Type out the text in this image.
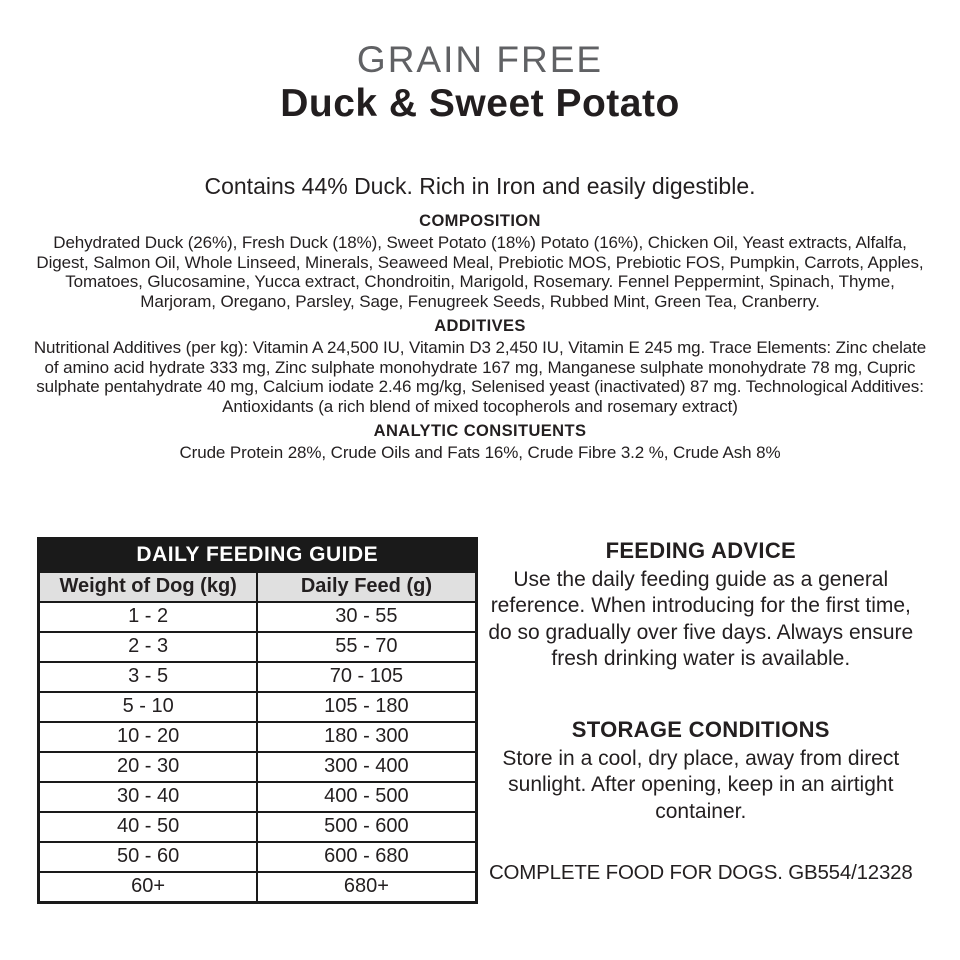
GRAIN FREE
Duck & Sweet Potato

Contains 44% Duck. Rich in Iron and easily digestible.

COMPOSITION

Dehydrated Duck (26%), Fresh Duck (18%), Sweet Potato (18%) Potato (16%), Chicken Oil, Yeast extracts, Alfalfa, Digest, Salmon Oil, Whole Linseed, Minerals, Seaweed Meal, Prebiotic MOS, Prebiotic FOS, Pumpkin, Carrots, Apples, Tomatoes, Glucosamine, Yucca extract, Chondroitin, Marigold, Rosemary. Fennel Peppermint, Spinach, Thyme, Marjoram, Oregano, Parsley, Sage, Fenugreek Seeds, Rubbed Mint, Green Tea, Cranberry.

ADDITIVES

Nutritional Additives (per kg): Vitamin A 24,500 IU, Vitamin D3 2,450 IU, Vitamin E 245 mg. Trace Elements: Zinc chelate of amino acid hydrate 333 mg, Zinc sulphate monohydrate 167 mg, Manganese sulphate monohydrate 78 mg, Cupric sulphate pentahydrate 40 mg, Calcium iodate 2.46 mg/kg, Selenised yeast (inactivated) 87 mg. Technological Additives: Antioxidants (a rich blend of mixed tocopherols and rosemary extract)

ANALYTIC CONSITUENTS

Crude Protein 28%, Crude Oils and Fats 16%, Crude Fibre 3.2 %, Crude Ash 8%

DAILY FEEDING GUIDE	
Weight of Dog (kg)	Daily Feed (g)
1 - 2	30 - 55
2 - 3	55 - 70
3 - 5	70 - 105
5 - 10	105 - 180
10 - 20	180 - 300
20 - 30	300 - 400
30 - 40	400 - 500
40 - 50	500 - 600
50 - 60	600 - 680
60+	680+
FEEDING ADVICE

Use the daily feeding guide as a general reference. When introducing for the first time, do so gradually over five days. Always ensure fresh drinking water is available.

STORAGE CONDITIONS

Store in a cool, dry place, away from direct sunlight. After opening, keep in an airtight container.

COMPLETE FOOD FOR DOGS. GB554/12328
